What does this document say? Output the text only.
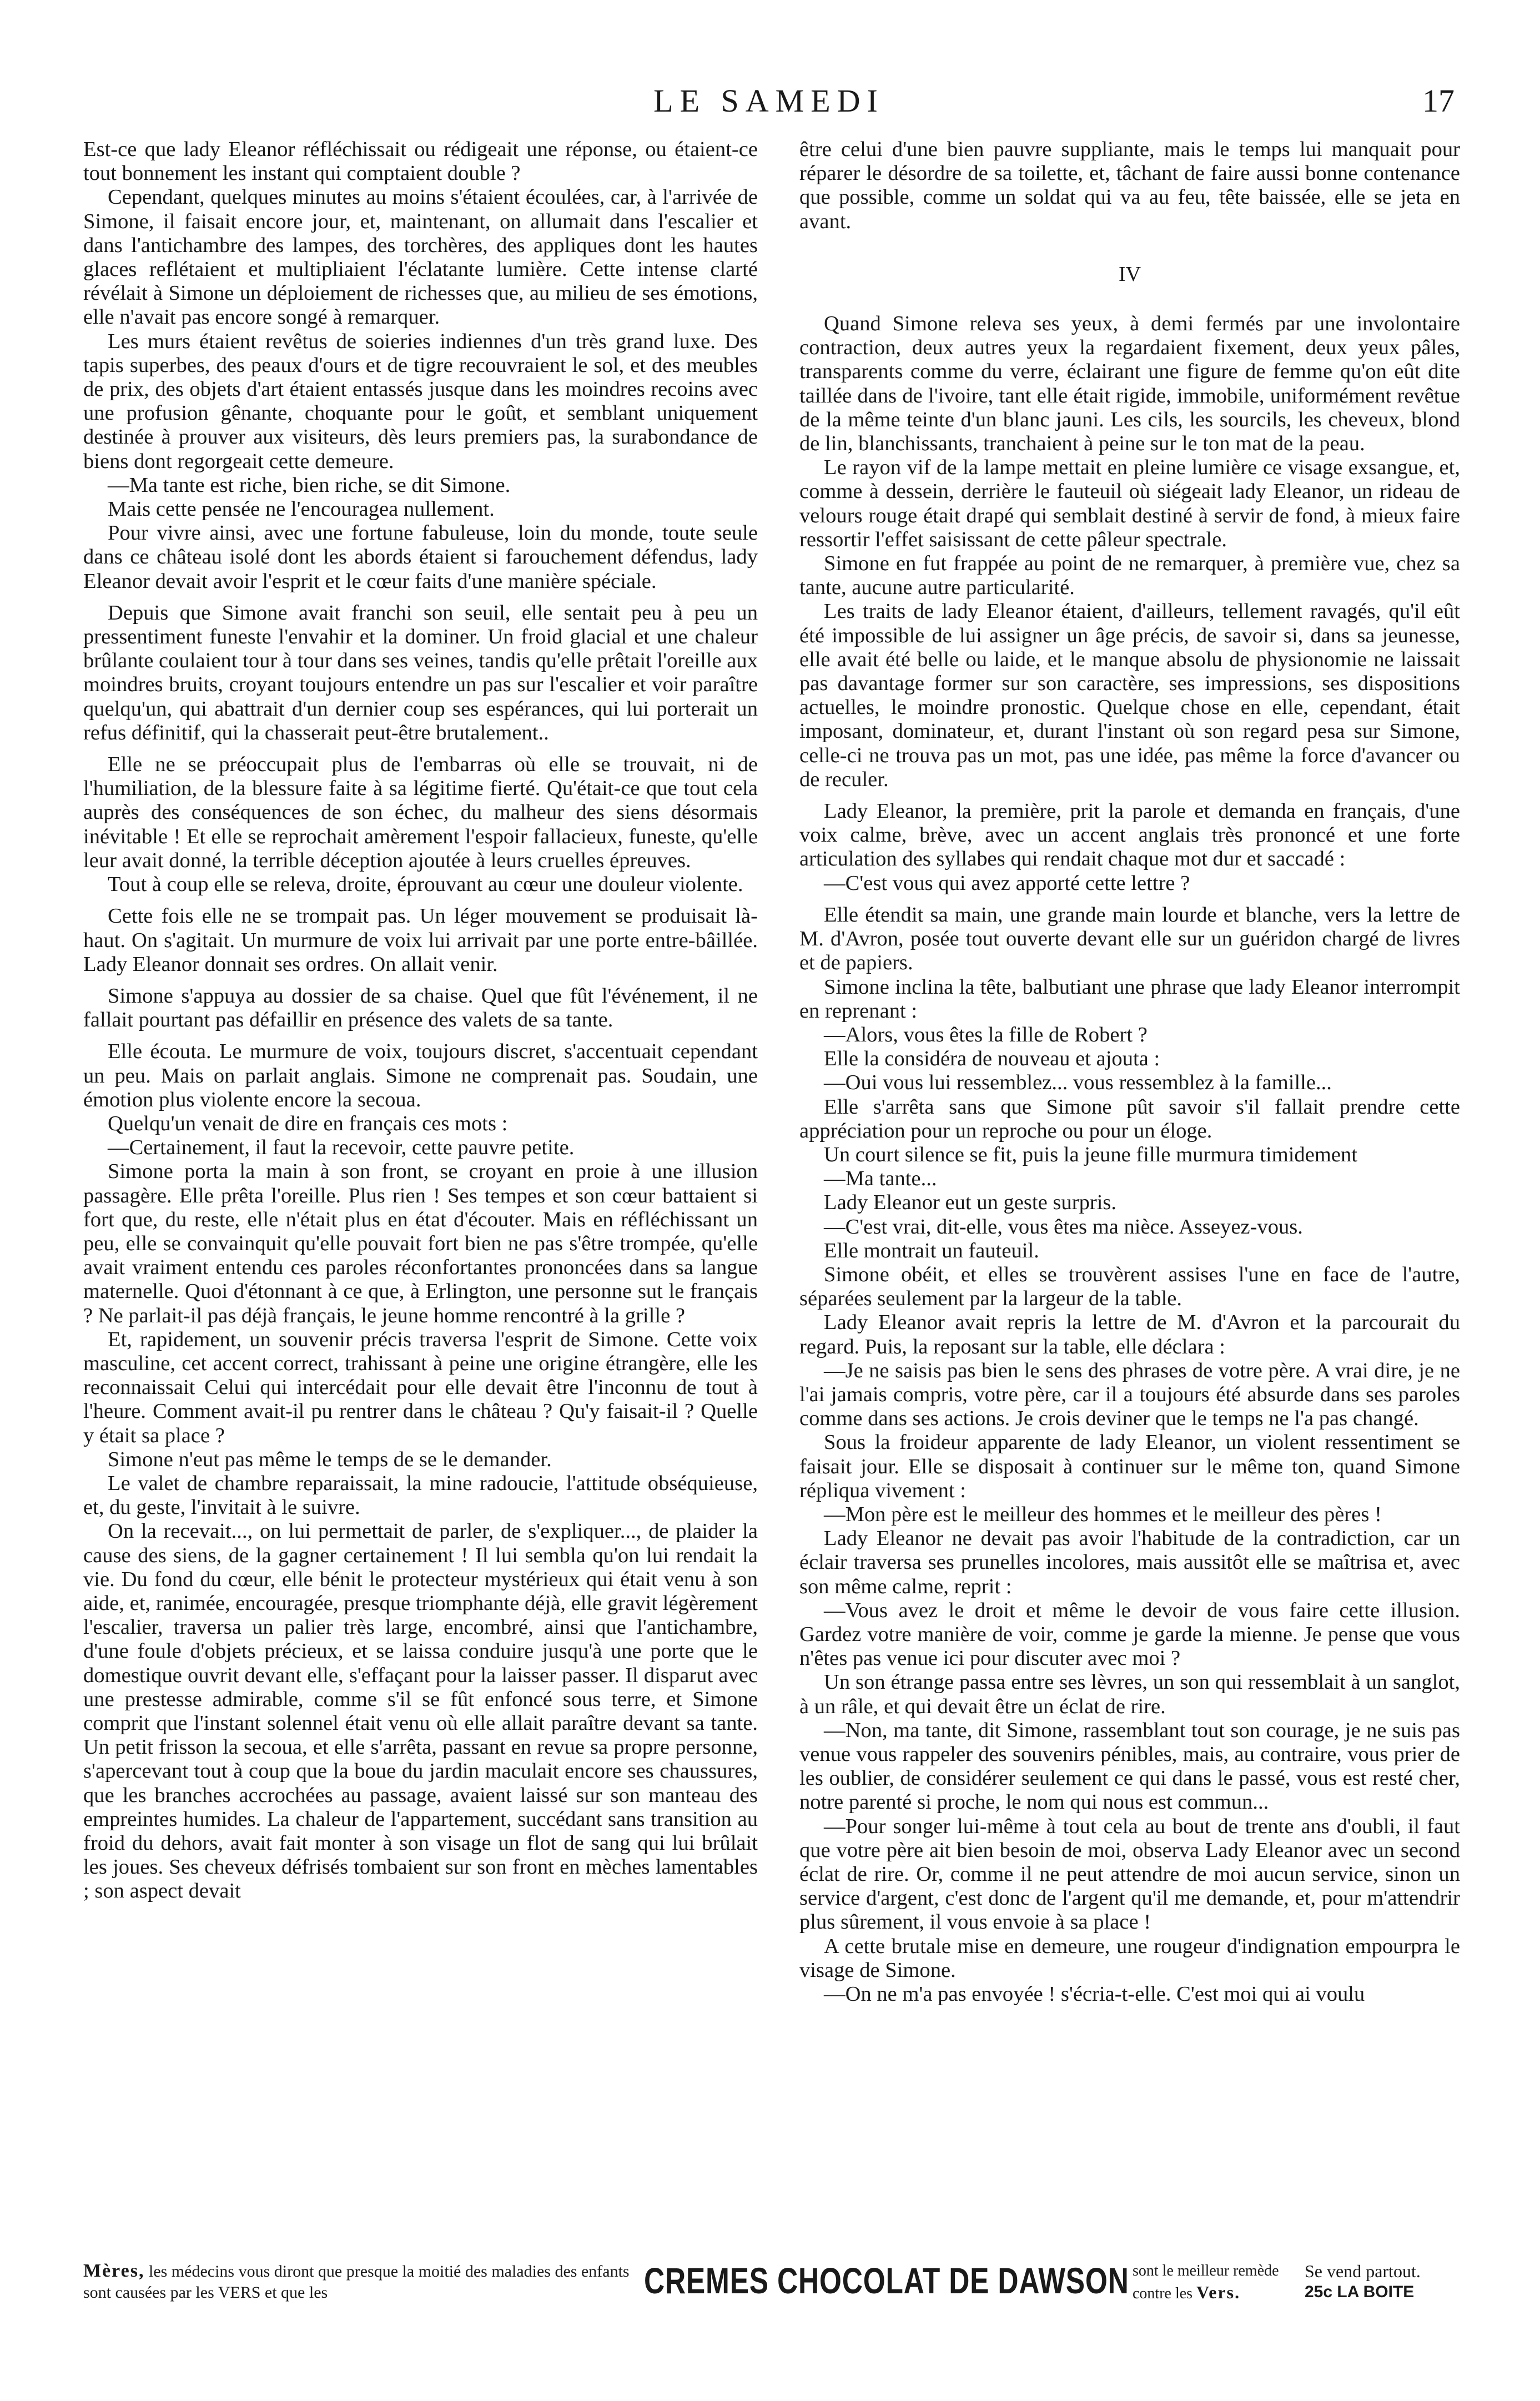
LE SAMEDI	17

Est-ce que lady Eleanor réfléchissait ou rédigeait une réponse, ou étaient-ce tout bonnement les instant qui comptaient double ?

Cependant, quelques minutes au moins s'étaient écoulées, car, à l'arrivée de Simone, il faisait encore jour, et, maintenant, on allumait dans l'escalier et dans l'antichambre des lampes, des torchères, des appliques dont les hautes glaces reflétaient et multipliaient l'éclatante lumière. Cette intense clarté révélait à Simone un déploiement de richesses que, au milieu de ses émotions, elle n'avait pas encore songé à remarquer.

Les murs étaient revêtus de soieries indiennes d'un très grand luxe. Des tapis superbes, des peaux d'ours et de tigre recouvraient le sol, et des meubles de prix, des objets d'art étaient entassés jusque dans les moindres recoins avec une profusion gênante, choquante pour le goût, et semblant uniquement destinée à prouver aux visiteurs, dès leurs premiers pas, la surabondance de biens dont regorgeait cette demeure.

—Ma tante est riche, bien riche, se dit Simone.

Mais cette pensée ne l'encouragea nullement.

Pour vivre ainsi, avec une fortune fabuleuse, loin du monde, toute seule dans ce château isolé dont les abords étaient si farouchement défendus, lady Eleanor devait avoir l'esprit et le cœur faits d'une manière spéciale.

Depuis que Simone avait franchi son seuil, elle sentait peu à peu un pressentiment funeste l'envahir et la dominer. Un froid glacial et une chaleur brûlante coulaient tour à tour dans ses veines, tandis qu'elle prêtait l'oreille aux moindres bruits, croyant toujours entendre un pas sur l'escalier et voir paraître quelqu'un, qui abattrait d'un dernier coup ses espérances, qui lui porterait un refus définitif, qui la chasserait peut-être brutalement..

Elle ne se préoccupait plus de l'embarras où elle se trouvait, ni de l'humiliation, de la blessure faite à sa légitime fierté. Qu'était-ce que tout cela auprès des conséquences de son échec, du malheur des siens désormais inévitable ! Et elle se reprochait amèrement l'espoir fallacieux, funeste, qu'elle leur avait donné, la terrible déception ajoutée à leurs cruelles épreuves.

Tout à coup elle se releva, droite, éprouvant au cœur une douleur violente.

Cette fois elle ne se trompait pas. Un léger mouvement se produisait là-haut. On s'agitait. Un murmure de voix lui arrivait par une porte entre-bâillée. Lady Eleanor donnait ses ordres. On allait venir.

Simone s'appuya au dossier de sa chaise. Quel que fût l'événement, il ne fallait pourtant pas défaillir en présence des valets de sa tante.

Elle écouta. Le murmure de voix, toujours discret, s'accentuait cependant un peu. Mais on parlait anglais. Simone ne comprenait pas. Soudain, une émotion plus violente encore la secoua.

Quelqu'un venait de dire en français ces mots :

—Certainement, il faut la recevoir, cette pauvre petite.

Simone porta la main à son front, se croyant en proie à une illusion passagère. Elle prêta l'oreille. Plus rien ! Ses tempes et son cœur battaient si fort que, du reste, elle n'était plus en état d'écouter. Mais en réfléchissant un peu, elle se convainquit qu'elle pouvait fort bien ne pas s'être trompée, qu'elle avait vraiment entendu ces paroles réconfortantes prononcées dans sa langue maternelle. Quoi d'étonnant à ce que, à Erlington, une personne sut le français ? Ne parlait-il pas déjà français, le jeune homme rencontré à la grille ?

Et, rapidement, un souvenir précis traversa l'esprit de Simone. Cette voix masculine, cet accent correct, trahissant à peine une origine étrangère, elle les reconnaissait Celui qui intercédait pour elle devait être l'inconnu de tout à l'heure. Comment avait-il pu rentrer dans le château ? Qu'y faisait-il ? Quelle y était sa place ?

Simone n'eut pas même le temps de se le demander.

Le valet de chambre reparaissait, la mine radoucie, l'attitude obséquieuse, et, du geste, l'invitait à le suivre.

On la recevait..., on lui permettait de parler, de s'expliquer..., de plaider la cause des siens, de la gagner certainement ! Il lui sembla qu'on lui rendait la vie. Du fond du cœur, elle bénit le protecteur mystérieux qui était venu à son aide, et, ranimée, encouragée, presque triomphante déjà, elle gravit légèrement l'escalier, traversa un palier très large, encombré, ainsi que l'antichambre, d'une foule d'objets précieux, et se laissa conduire jusqu'à une porte que le domestique ouvrit devant elle, s'effaçant pour la laisser passer. Il disparut avec une prestesse admirable, comme s'il se fût enfoncé sous terre, et Simone comprit que l'instant solennel était venu où elle allait paraître devant sa tante. Un petit frisson la secoua, et elle s'arrêta, passant en revue sa propre personne, s'apercevant tout à coup que la boue du jardin maculait encore ses chaussures, que les branches accrochées au passage, avaient laissé sur son manteau des empreintes humides. La chaleur de l'appartement, succédant sans transition au froid du dehors, avait fait monter à son visage un flot de sang qui lui brûlait les joues. Ses cheveux défrisés tombaient sur son front en mèches lamentables ; son aspect devait

être celui d'une bien pauvre suppliante, mais le temps lui manquait pour réparer le désordre de sa toilette, et, tâchant de faire aussi bonne contenance que possible, comme un soldat qui va au feu, tête baissée, elle se jeta en avant.

IV

Quand Simone releva ses yeux, à demi fermés par une involontaire contraction, deux autres yeux la regardaient fixement, deux yeux pâles, transparents comme du verre, éclairant une figure de femme qu'on eût dite taillée dans de l'ivoire, tant elle était rigide, immobile, uniformément revêtue de la même teinte d'un blanc jauni. Les cils, les sourcils, les cheveux, blond de lin, blanchissants, tranchaient à peine sur le ton mat de la peau.

Le rayon vif de la lampe mettait en pleine lumière ce visage exsangue, et, comme à dessein, derrière le fauteuil où siégeait lady Eleanor, un rideau de velours rouge était drapé qui semblait destiné à servir de fond, à mieux faire ressortir l'effet saisissant de cette pâleur spectrale.

Simone en fut frappée au point de ne remarquer, à première vue, chez sa tante, aucune autre particularité.

Les traits de lady Eleanor étaient, d'ailleurs, tellement ravagés, qu'il eût été impossible de lui assigner un âge précis, de savoir si, dans sa jeunesse, elle avait été belle ou laide, et le manque absolu de physionomie ne laissait pas davantage former sur son caractère, ses impressions, ses dispositions actuelles, le moindre pronostic. Quelque chose en elle, cependant, était imposant, dominateur, et, durant l'instant où son regard pesa sur Simone, celle-ci ne trouva pas un mot, pas une idée, pas même la force d'avancer ou de reculer.

Lady Eleanor, la première, prit la parole et demanda en français, d'une voix calme, brève, avec un accent anglais très prononcé et une forte articulation des syllabes qui rendait chaque mot dur et saccadé :

—C'est vous qui avez apporté cette lettre ?

Elle étendit sa main, une grande main lourde et blanche, vers la lettre de M. d'Avron, posée tout ouverte devant elle sur un guéridon chargé de livres et de papiers.

Simone inclina la tête, balbutiant une phrase que lady Eleanor interrompit en reprenant :

—Alors, vous êtes la fille de Robert ?

Elle la considéra de nouveau et ajouta :

—Oui vous lui ressemblez... vous ressemblez à la famille...

Elle s'arrêta sans que Simone pût savoir s'il fallait prendre cette appréciation pour un reproche ou pour un éloge.

Un court silence se fit, puis la jeune fille murmura timidement

—Ma tante...

Lady Eleanor eut un geste surpris.

—C'est vrai, dit-elle, vous êtes ma nièce. Asseyez-vous.

Elle montrait un fauteuil.

Simone obéit, et elles se trouvèrent assises l'une en face de l'autre, séparées seulement par la largeur de la table.

Lady Eleanor avait repris la lettre de M. d'Avron et la parcourait du regard. Puis, la reposant sur la table, elle déclara :

—Je ne saisis pas bien le sens des phrases de votre père. A vrai dire, je ne l'ai jamais compris, votre père, car il a toujours été absurde dans ses paroles comme dans ses actions. Je crois deviner que le temps ne l'a pas changé.

Sous la froideur apparente de lady Eleanor, un violent ressentiment se faisait jour. Elle se disposait à continuer sur le même ton, quand Simone répliqua vivement :

—Mon père est le meilleur des hommes et le meilleur des pères !

Lady Eleanor ne devait pas avoir l'habitude de la contradiction, car un éclair traversa ses prunelles incolores, mais aussitôt elle se maîtrisa et, avec son même calme, reprit :

—Vous avez le droit et même le devoir de vous faire cette illusion. Gardez votre manière de voir, comme je garde la mienne. Je pense que vous n'êtes pas venue ici pour discuter avec moi ?

Un son étrange passa entre ses lèvres, un son qui ressemblait à un sanglot, à un râle, et qui devait être un éclat de rire.

—Non, ma tante, dit Simone, rassemblant tout son courage, je ne suis pas venue vous rappeler des souvenirs pénibles, mais, au contraire, vous prier de les oublier, de considérer seulement ce qui dans le passé, vous est resté cher, notre parenté si proche, le nom qui nous est commun...

—Pour songer lui-même à tout cela au bout de trente ans d'oubli, il faut que votre père ait bien besoin de moi, observa Lady Eleanor avec un second éclat de rire. Or, comme il ne peut attendre de moi aucun service, sinon un service d'argent, c'est donc de l'argent qu'il me demande, et, pour m'attendrir plus sûrement, il vous envoie à sa place !

A cette brutale mise en demeure, une rougeur d'indignation empourpra le visage de Simone.

—On ne m'a pas envoyée ! s'écria-t-elle. C'est moi qui ai voulu

Mères, les médecins vous diront que presque la moitié des maladies des enfants sont causées par les VERS et que les	CREMES CHOCOLAT DE DAWSON sont le meilleur remède contre les Vers.
Se vend partout.
25c LA BOITE
